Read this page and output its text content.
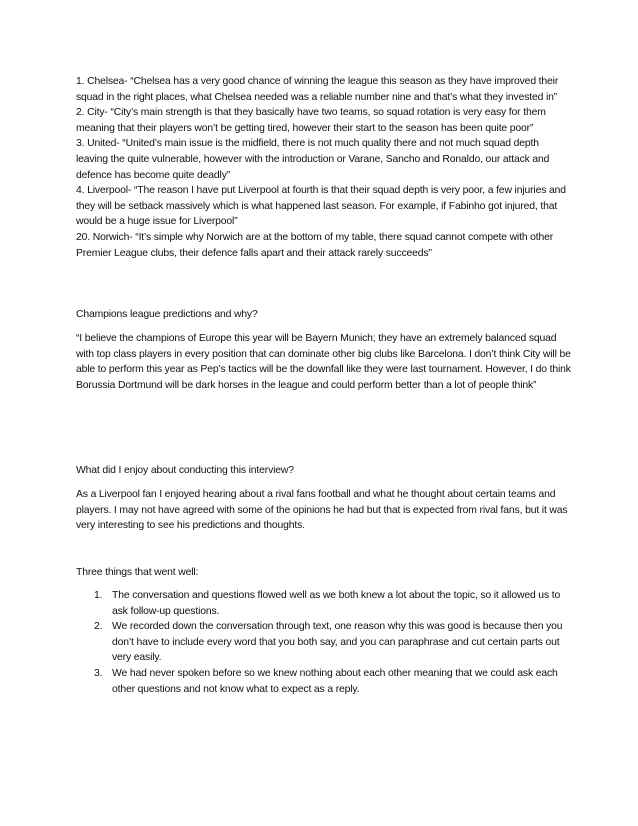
1. Chelsea- “Chelsea has a very good chance of winning the league this season as they have improved their squad in the right places, what Chelsea needed was a reliable number nine and that’s what they invested in”

2. City- “City’s main strength is that they basically have two teams, so squad rotation is very easy for them meaning that their players won’t be getting tired, however their start to the season has been quite poor”

3. United- “United’s main issue is the midfield, there is not much quality there and not much squad depth leaving the quite vulnerable, however with the introduction or Varane, Sancho and Ronaldo, our attack and defence has become quite deadly”

4. Liverpool- “The reason I have put Liverpool at fourth is that their squad depth is very poor, a few injuries and they will be setback massively which is what happened last season. For example, if Fabinho got injured, that would be a huge issue for Liverpool”

20. Norwich- “It’s simple why Norwich are at the bottom of my table, there squad cannot compete with other Premier League clubs, their defence falls apart and their attack rarely succeeds”

Champions league predictions and why?

“I believe the champions of Europe this year will be Bayern Munich; they have an extremely balanced squad with top class players in every position that can dominate other big clubs like Barcelona. I don’t think City will be able to perform this year as Pep’s tactics will be the downfall like they were last tournament. However, I do think Borussia Dortmund will be dark horses in the league and could perform better than a lot of people think”

What did I enjoy about conducting this interview?

As a Liverpool fan I enjoyed hearing about a rival fans football and what he thought about certain teams and players. I may not have agreed with some of the opinions he had but that is expected from rival fans, but it was very interesting to see his predictions and thoughts.

Three things that went well:

1. The conversation and questions flowed well as we both knew a lot about the topic, so it allowed us to ask follow-up questions.
2. We recorded down the conversation through text, one reason why this was good is because then you don’t have to include every word that you both say, and you can paraphrase and cut certain parts out very easily.
3. We had never spoken before so we knew nothing about each other meaning that we could ask each other questions and not know what to expect as a reply.
